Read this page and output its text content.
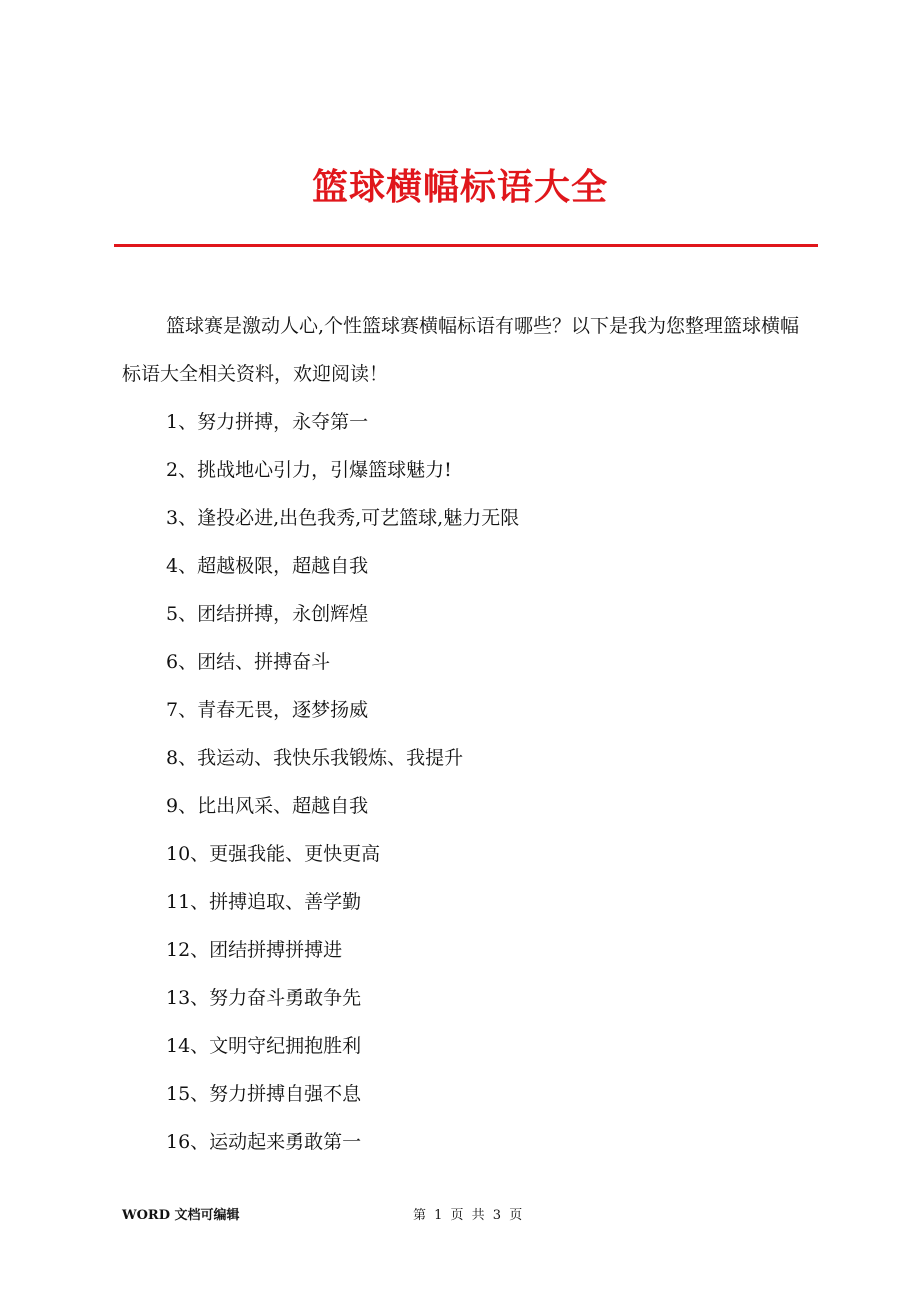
篮球横幅标语大全

篮球赛是激动人心,个性篮球赛横幅标语有哪些？以下是我为您整理篮球横幅标语大全相关资料，欢迎阅读！

1、努力拼搏，永夺第一
2、挑战地心引力，引爆篮球魅力!
3、逢投必进,出色我秀,可艺篮球,魅力无限
4、超越极限，超越自我
5、团结拼搏，永创辉煌
6、团结、拼搏奋斗
7、青春无畏，逐梦扬威
8、我运动、我快乐我锻炼、我提升
9、比出风采、超越自我
10、更强我能、更快更高
11、拼搏追取、善学勤
12、团结拼搏拼搏进
13、努力奋斗勇敢争先
14、文明守纪拥抱胜利
15、努力拼搏自强不息
16、运动起来勇敢第一
WORD 文档可编辑	第 1 页 共 3 页
